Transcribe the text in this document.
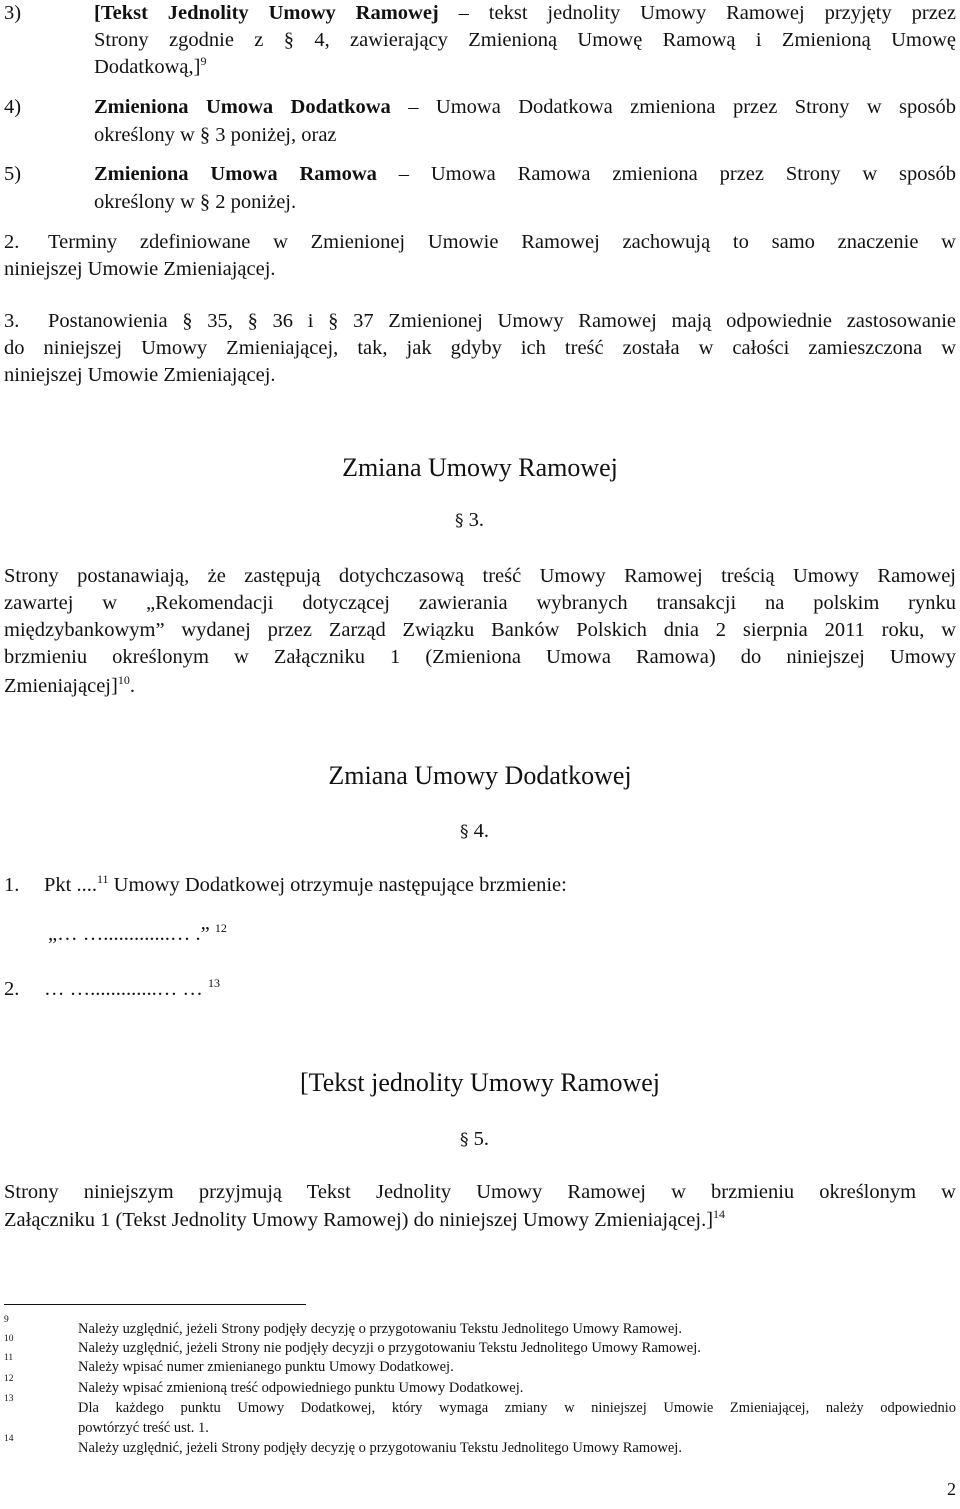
3)	[Tekst Jednolity Umowy Ramowej – tekst jednolity Umowy Ramowej przyjęty przez
Strony zgodnie z § 4, zawierający Zmienioną Umowę Ramową i Zmienioną Umowę
Dodatkową,]$^9$
4)	Zmieniona Umowa Dodatkowa – Umowa Dodatkowa zmieniona przez Strony w sposób
określony w § 3 poniżej, oraz
5)	Zmieniona Umowa Ramowa – Umowa Ramowa zmieniona przez Strony w sposób
określony w § 2 poniżej.
2. Terminy zdefiniowane w Zmienionej Umowie Ramowej zachowują to samo znaczenie w
niniejszej Umowie Zmieniającej.
3. Postanowienia § 35, § 36 i § 37 Zmienionej Umowy Ramowej mają odpowiednie zastosowanie
do niniejszej Umowy Zmieniającej, tak, jak gdyby ich treść została w całości zamieszczona w
niniejszej Umowie Zmieniającej.
Zmiana Umowy Ramowej
§ 3.
Strony postanawiają, że zastępują dotychczasową treść Umowy Ramowej treścią Umowy Ramowej
zawartej w „Rekomendacji dotyczącej zawierania wybranych transakcji na polskim rynku
międzybankowym” wydanej przez Zarząd Związku Banków Polskich dnia 2 sierpnia 2011 roku, w
brzmieniu określonym w Załączniku 1 (Zmieniona Umowa Ramowa) do niniejszej Umowy
Zmieniającej]$^{10}$.
Zmiana Umowy Dodatkowej
§ 4.
1. Pkt ....$^{11}$ Umowy Dodatkowej otrzymuje następujące brzmienie:
„… ….............… .” $^{12}$
2. … ….............… … $^{13}$
[Tekst jednolity Umowy Ramowej
§ 5.
Strony niniejszym przyjmują Tekst Jednolity Umowy Ramowej w brzmieniu określonym w
Załączniku 1 (Tekst Jednolity Umowy Ramowej) do niniejszej Umowy Zmieniającej.]$^{14}$
9
Należy uzględnić, jeżeli Strony podjęły decyzję o przygotowaniu Tekstu Jednolitego Umowy Ramowej.
10
Należy uzględnić, jeżeli Strony nie podjęły decyzji o przygotowaniu Tekstu Jednolitego Umowy Ramowej.
11
Należy wpisać numer zmienianego punktu Umowy Dodatkowej.
12
Należy wpisać zmienioną treść odpowiedniego punktu Umowy Dodatkowej.
13
Dla każdego punktu Umowy Dodatkowej, który wymaga zmiany w niniejszej Umowie Zmieniającej, należy odpowiednio
powtórzyć treść ust. 1.
14
Należy uzględnić, jeżeli Strony podjęły decyzję o przygotowaniu Tekstu Jednolitego Umowy Ramowej.
2
